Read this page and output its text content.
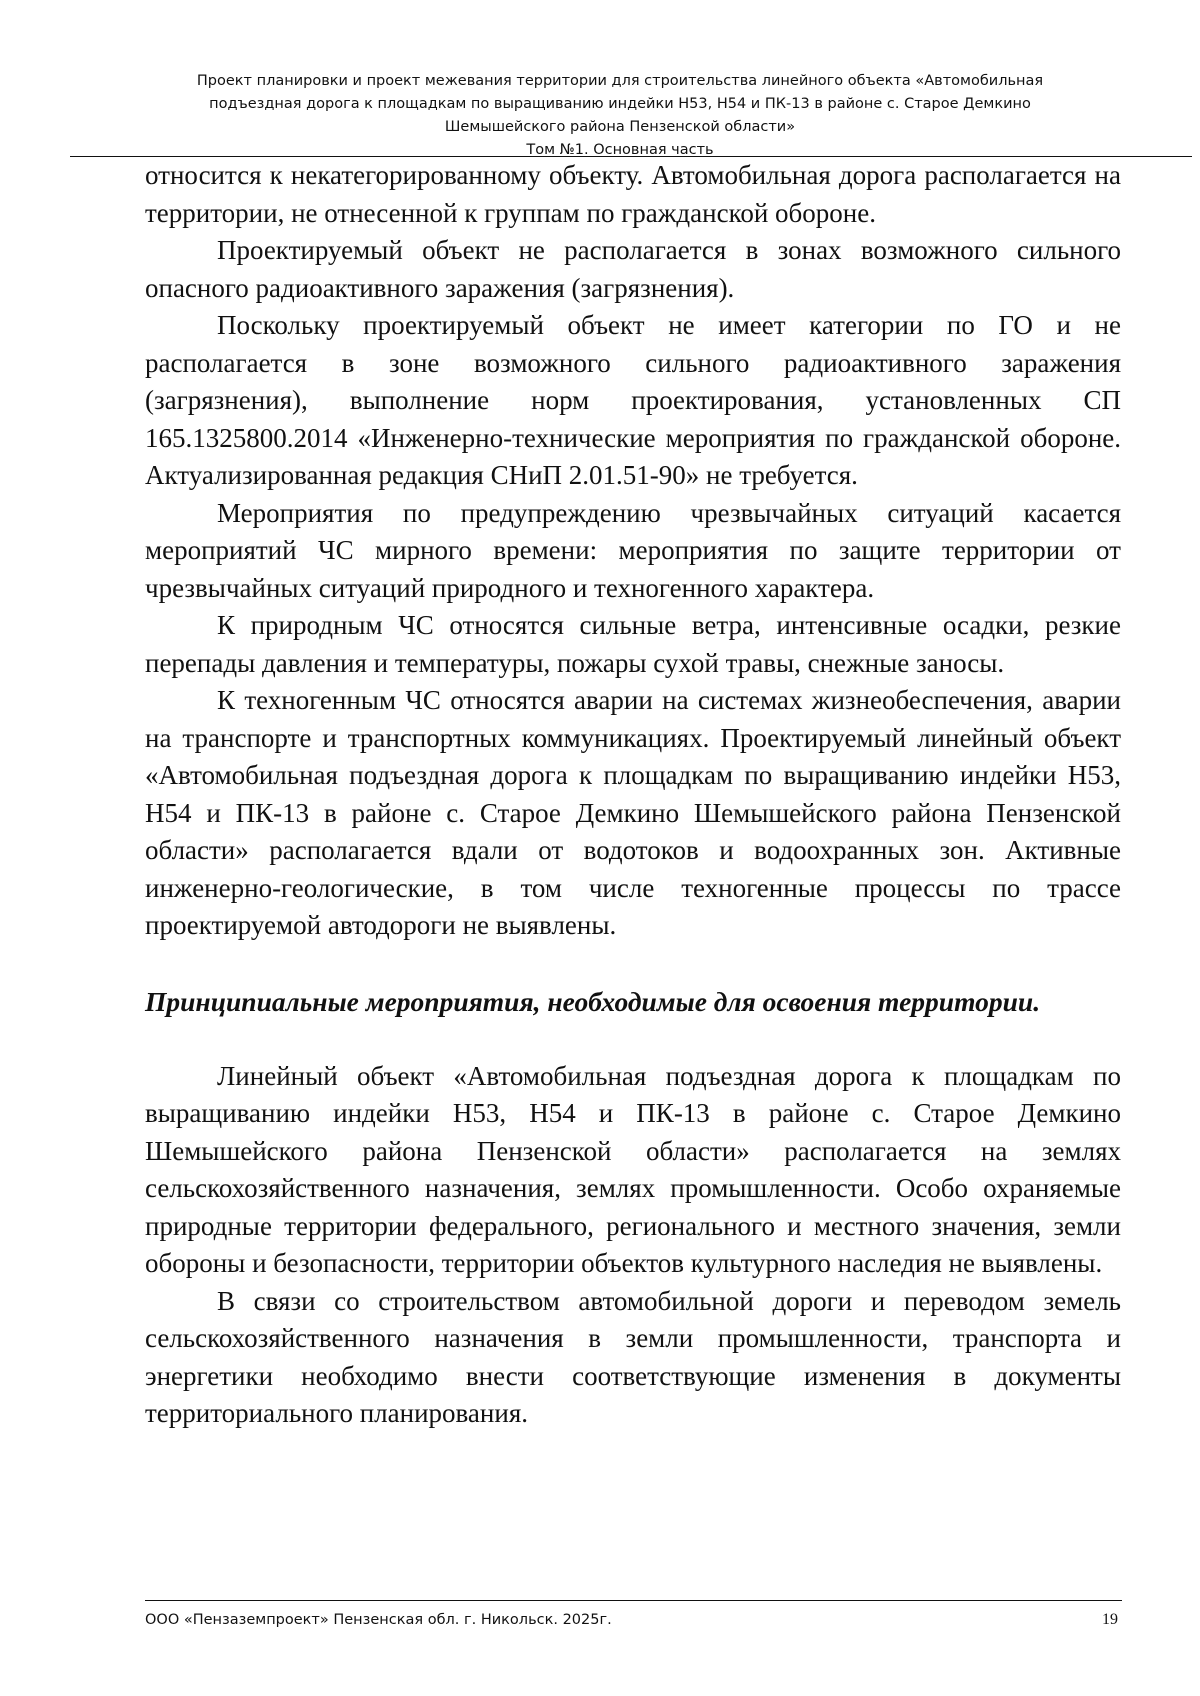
Проект планировки и проект межевания территории для строительства линейного объекта «Автомобильная
подъездная дорога к площадкам по выращиванию индейки Н53, Н54 и ПК-13 в районе с. Старое Демкино
Шемышейского района Пензенской области»
Том №1. Основная часть

относится к некатегорированному объекту. Автомобильная дорога располагается на территории, не отнесенной к группам по гражданской обороне.

Проектируемый объект не располагается в зонах возможного сильного опасного радиоактивного заражения (загрязнения).

Поскольку проектируемый объект не имеет категории по ГО и не располагается в зоне возможного сильного радиоактивного заражения (загрязнения), выполнение норм проектирования, установленных СП 165.1325800.2014 «Инженерно-технические мероприятия по гражданской обороне. Актуализированная редакция СНиП 2.01.51-90» не требуется.

Мероприятия по предупреждению чрезвычайных ситуаций касается мероприятий ЧС мирного времени: мероприятия по защите территории от чрезвычайных ситуаций природного и техногенного характера.

К природным ЧС относятся сильные ветра, интенсивные осадки, резкие перепады давления и температуры, пожары сухой травы, снежные заносы.

К техногенным ЧС относятся аварии на системах жизнеобеспечения, аварии на транспорте и транспортных коммуникациях. Проектируемый линейный объект «Автомобильная подъездная дорога к площадкам по выращиванию индейки Н53, Н54 и ПК-13 в районе с. Старое Демкино Шемышейского района Пензенской области» располагается вдали от водотоков и водоохранных зон. Активные инженерно-геологические, в том числе техногенные процессы по трассе проектируемой автодороги не выявлены.

Принципиальные мероприятия, необходимые для освоения территории.

Линейный объект «Автомобильная подъездная дорога к площадкам по выращиванию индейки Н53, Н54 и ПК-13 в районе с. Старое Демкино Шемышейского района Пензенской области» располагается на землях сельскохозяйственного назначения, землях промышленности. Особо охраняемые природные территории федерального, регионального и местного значения, земли обороны и безопасности, территории объектов культурного наследия не выявлены.

В связи со строительством автомобильной дороги и переводом земель сельскохозяйственного назначения в земли промышленности, транспорта и энергетики необходимо внести соответствующие изменения в документы территориального планирования.

ООО «Пензаземпроект» Пензенская обл. г. Никольск. 2025г.	19
